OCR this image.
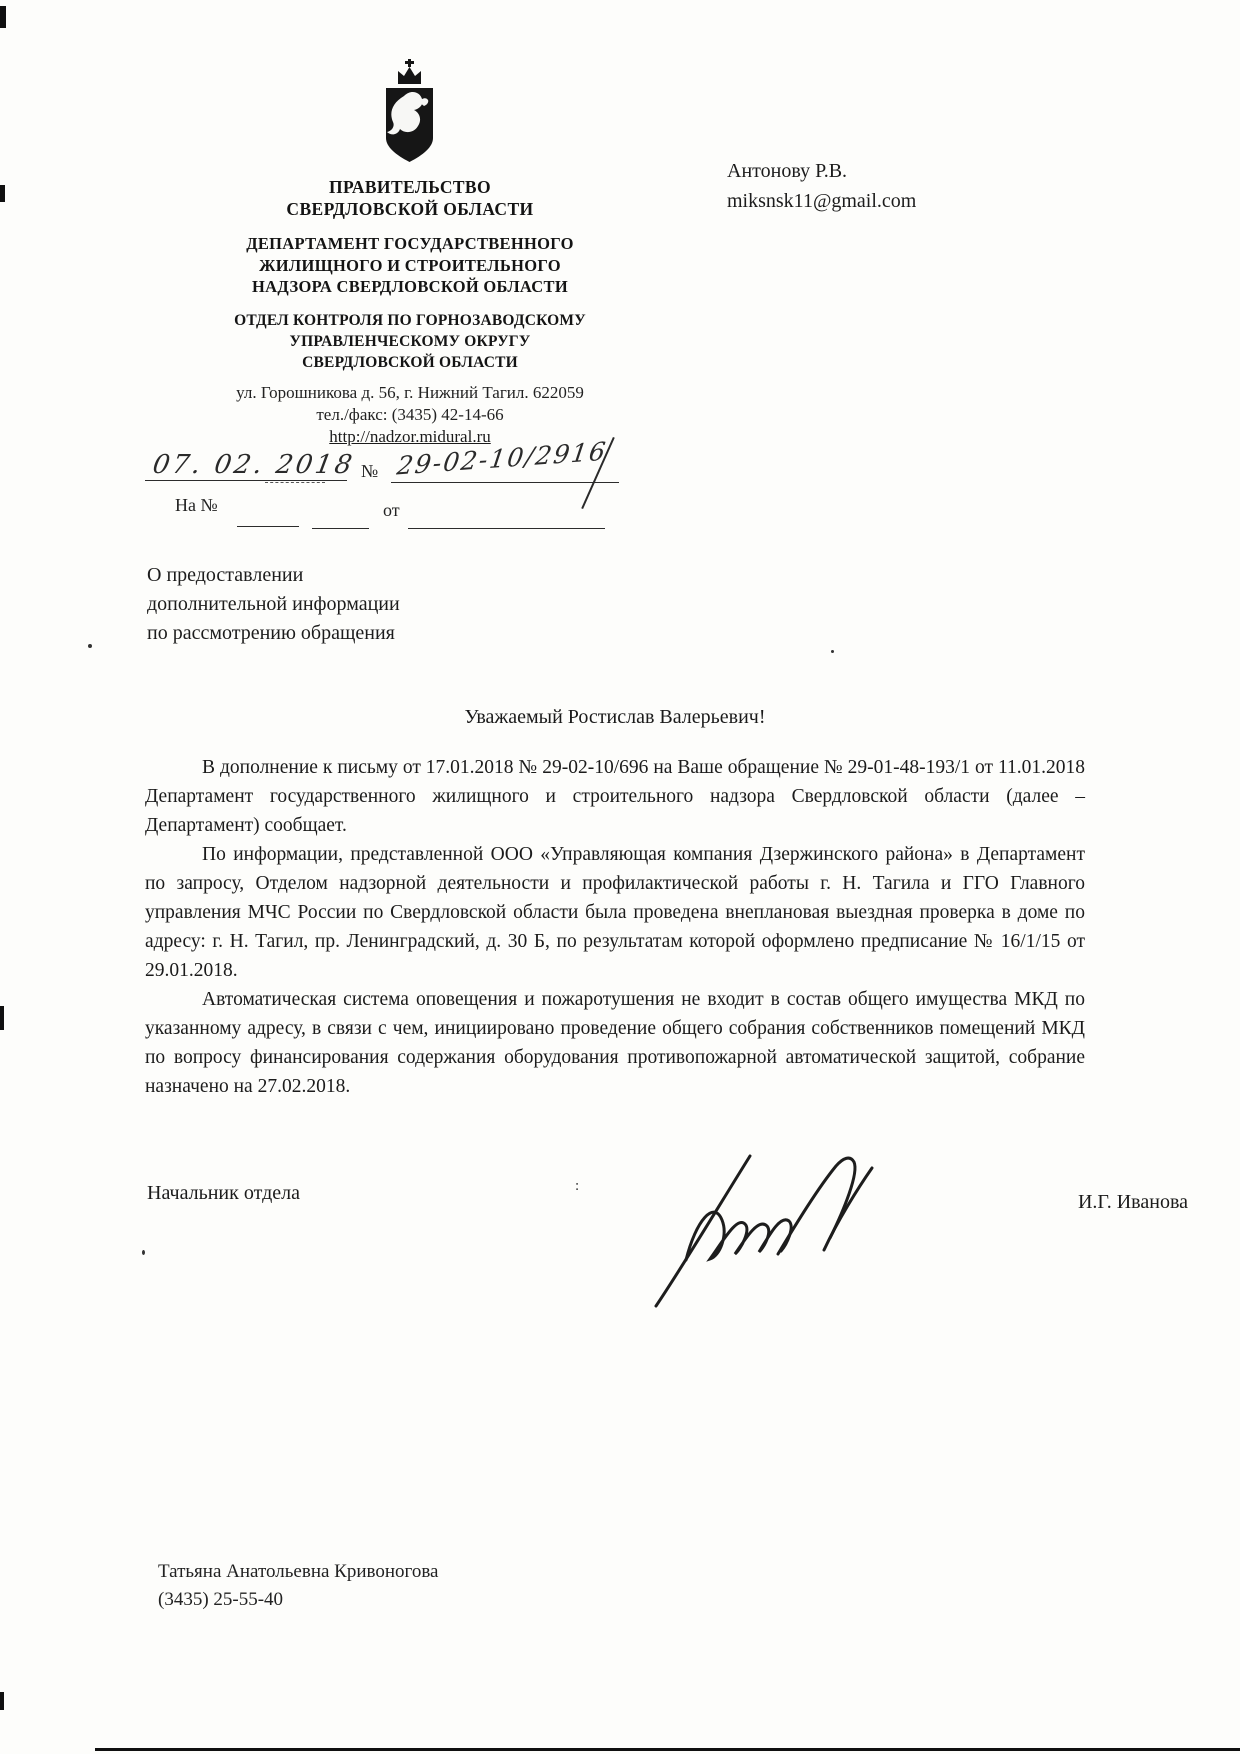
ПРАВИТЕЛЬСТВО
СВЕРДЛОВСКОЙ ОБЛАСТИ
ДЕПАРТАМЕНТ ГОСУДАРСТВЕННОГО
ЖИЛИЩНОГО И СТРОИТЕЛЬНОГО
НАДЗОРА СВЕРДЛОВСКОЙ ОБЛАСТИ
ОТДЕЛ КОНТРОЛЯ ПО ГОРНОЗАВОДСКОМУ
УПРАВЛЕНЧЕСКОМУ ОКРУГУ
СВЕРДЛОВСКОЙ ОБЛАСТИ
ул. Горошникова д. 56, г. Нижний Тагил. 622059
тел./факс: (3435) 42-14-66
http://nadzor.midural.ru
07. 02. 2018 № 29-02-10/2916
На №	от
Антонову Р.В.
miksnsk11@gmail.com
О предоставлении
дополнительной информации
по рассмотрению обращения
Уважаемый Ростислав Валерьевич!

В дополнение к письму от 17.01.2018 № 29-02-10/696 на Ваше обращение № 29-01-48-193/1 от 11.01.2018 Департамент государственного жилищного и строительного надзора Свердловской области (далее – Департамент) сообщает.

По информации, представленной ООО «Управляющая компания Дзержинского района» в Департамент по запросу, Отделом надзорной деятельности и профилактической работы г. Н. Тагила и ГГО Главного управления МЧС России по Свердловской области была проведена внеплановая выездная проверка в доме по адресу: г. Н. Тагил, пр. Ленинградский, д. 30 Б, по результатам которой оформлено предписание № 16/1/15 от 29.01.2018.

Автоматическая система оповещения и пожаротушения не входит в состав общего имущества МКД по указанному адресу, в связи с чем, инициировано проведение общего собрания собственников помещений МКД по вопросу финансирования содержания оборудования противопожарной автоматической защитой, собрание назначено на 27.02.2018.

Начальник отдела	:
И.Г. Иванова
Татьяна Анатольевна Кривоногова
(3435) 25-55-40
